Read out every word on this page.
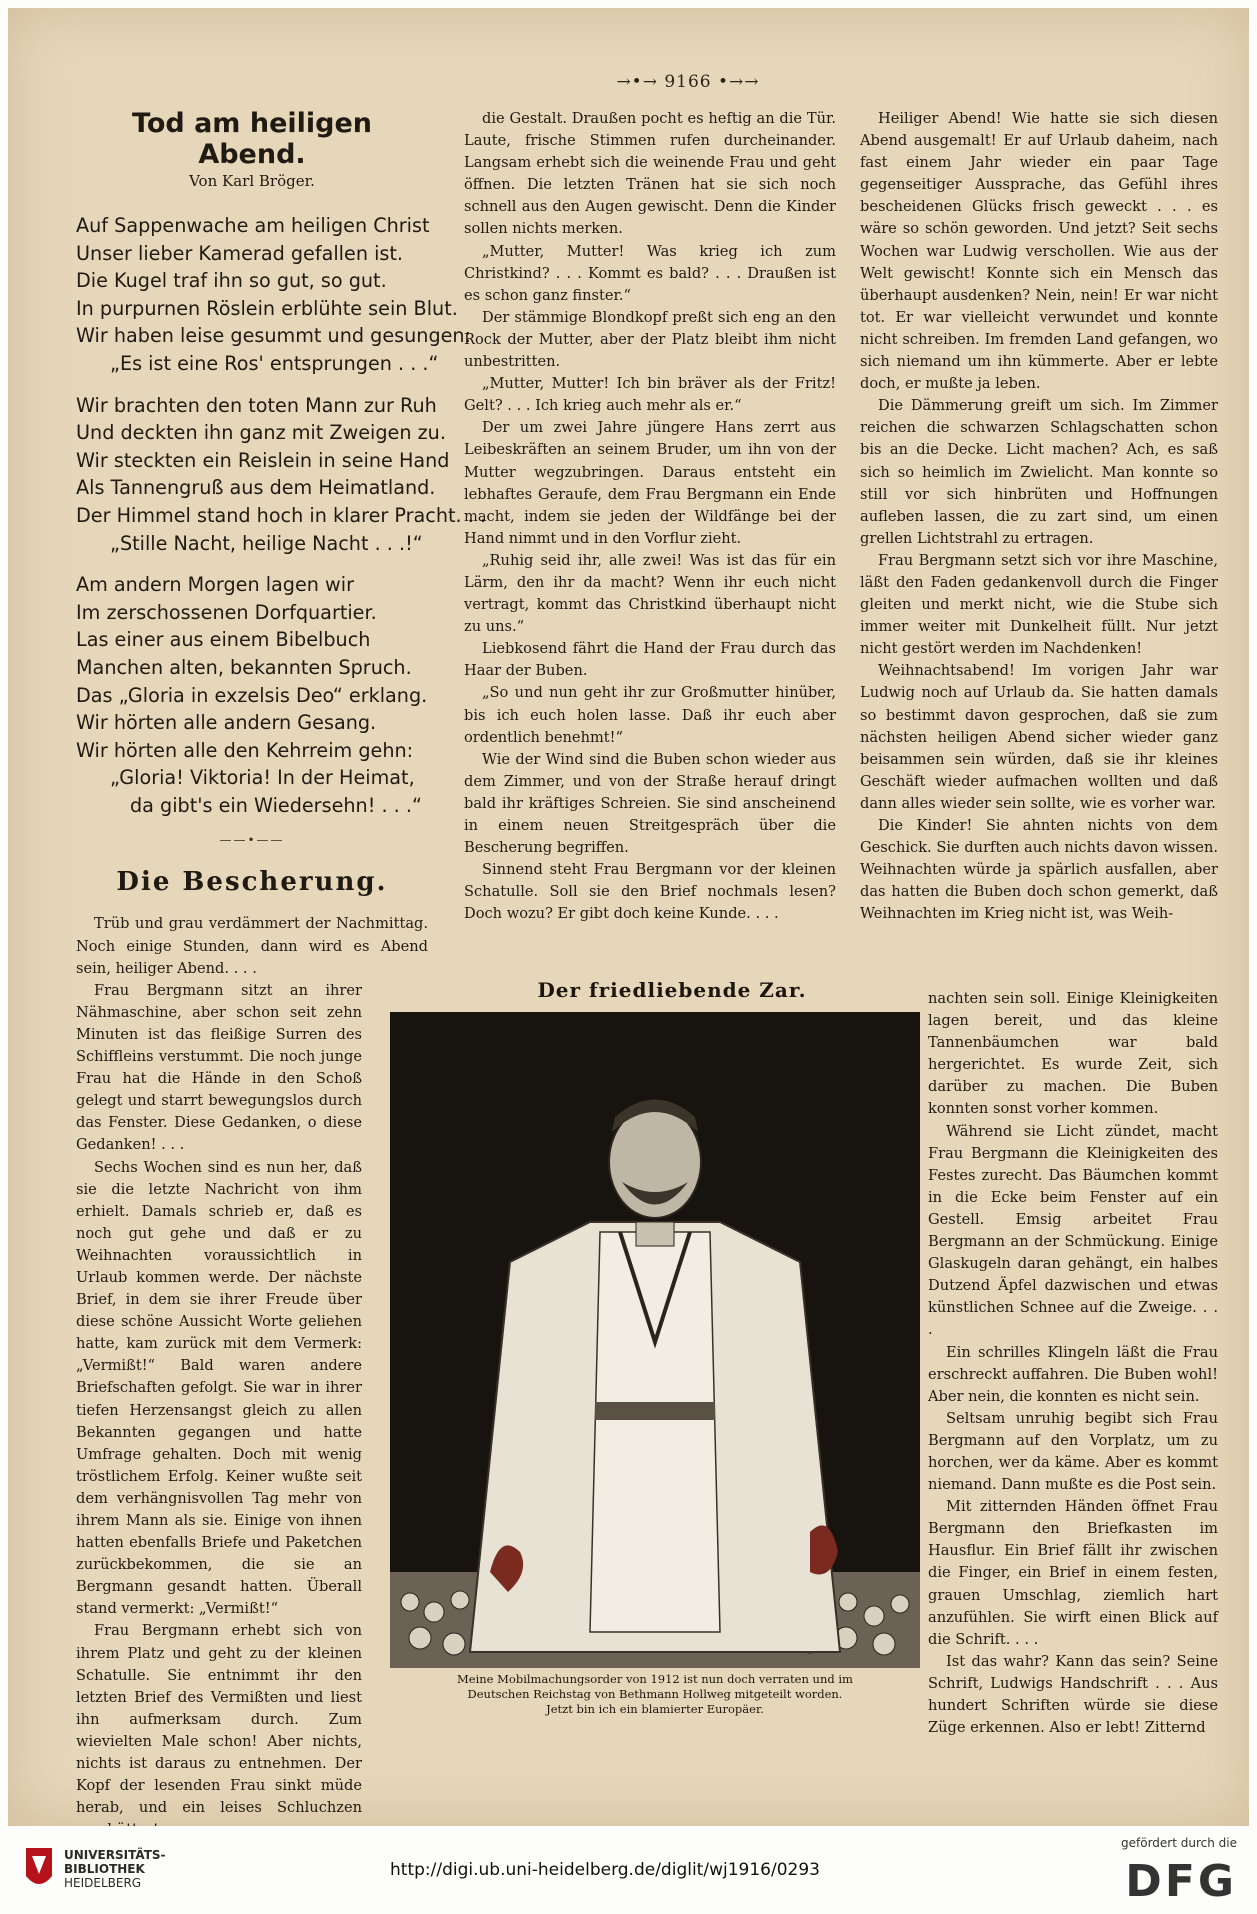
→•→ 9166 •→→
Tod am heiligen Abend.
Von Karl Bröger.
Auf Sappenwache am heiligen Christ
Unser lieber Kamerad gefallen ist.
Die Kugel traf ihn so gut, so gut.
In purpurnen Röslein erblühte sein Blut.
Wir haben leise gesummt und gesungen:
„Es ist eine Ros' entsprungen . . .“
Wir brachten den toten Mann zur Ruh
Und deckten ihn ganz mit Zweigen zu.
Wir steckten ein Reislein in seine Hand
Als Tannengruß aus dem Heimatland.
Der Himmel stand hoch in klarer Pracht. . .
„Stille Nacht, heilige Nacht . . .!“
Am andern Morgen lagen wir
Im zerschossenen Dorfquartier.
Las einer aus einem Bibelbuch
Manchen alten, bekannten Spruch.
Das „Gloria in exzelsis Deo“ erklang.
Wir hörten alle andern Gesang.
Wir hörten alle den Kehrreim gehn:
„Gloria! Viktoria! In der Heimat,
da gibt's ein Wiedersehn! . . .“
——•——
Die Bescherung.

Trüb und grau verdämmert der Nachmittag. Noch einige Stunden, dann wird es Abend sein, heiliger Abend. . . .

Frau Bergmann sitzt an ihrer Nähmaschine, aber schon seit zehn Minuten ist das fleißige Surren des Schiffleins verstummt. Die noch junge Frau hat die Hände in den Schoß gelegt und starrt bewegungslos durch das Fenster. Diese Gedanken, o diese Gedanken! . . .

Sechs Wochen sind es nun her, daß sie die letzte Nachricht von ihm erhielt. Damals schrieb er, daß es noch gut gehe und daß er zu Weihnachten voraussichtlich in Urlaub kommen werde. Der nächste Brief, in dem sie ihrer Freude über diese schöne Aussicht Worte geliehen hatte, kam zurück mit dem Vermerk: „Vermißt!“ Bald waren andere Briefschaften gefolgt. Sie war in ihrer tiefen Herzensangst gleich zu allen Bekannten gegangen und hatte Umfrage gehalten. Doch mit wenig tröstlichem Erfolg. Keiner wußte seit dem verhängnisvollen Tag mehr von ihrem Mann als sie. Einige von ihnen hatten ebenfalls Briefe und Paketchen zurückbekommen, die sie an Bergmann gesandt hatten. Überall stand vermerkt: „Vermißt!“

Frau Bergmann erhebt sich von ihrem Platz und geht zu der kleinen Schatulle. Sie entnimmt ihr den letzten Brief des Vermißten und liest ihn aufmerksam durch. Zum wievielten Male schon! Aber nichts, nichts ist daraus zu entnehmen. Der Kopf der lesenden Frau sinkt müde herab, und ein leises Schluchzen

die Gestalt. Draußen pocht es heftig an die Tür. Laute, frische Stimmen rufen durcheinander. Langsam erhebt sich die weinende Frau und geht öffnen. Die letzten Tränen hat sie sich noch schnell aus den Augen gewischt. Denn die Kinder sollen nichts merken.

„Mutter, Mutter! Was krieg ich zum Christkind? . . . Kommt es bald? . . . Draußen ist es schon ganz finster.“

Der stämmige Blondkopf preßt sich eng an den Rock der Mutter, aber der Platz bleibt ihm nicht unbestritten.

„Mutter, Mutter! Ich bin bräver als der Fritz! Gelt? . . . Ich krieg auch mehr als er.“

Der um zwei Jahre jüngere Hans zerrt aus Leibeskräften an seinem Bruder, um ihn von der Mutter wegzubringen. Daraus entsteht ein lebhaftes Geraufe, dem Frau Bergmann ein Ende macht, indem sie jeden der Wildfänge bei der Hand nimmt und in den Vorflur zieht.

„Ruhig seid ihr, alle zwei! Was ist das für ein Lärm, den ihr da macht? Wenn ihr euch nicht vertragt, kommt das Christkind überhaupt nicht zu uns.“

Liebkosend fährt die Hand der Frau durch das Haar der Buben.

„So und nun geht ihr zur Großmutter hinüber, bis ich euch holen lasse. Daß ihr euch aber ordentlich benehmt!“

Wie der Wind sind die Buben schon wieder aus dem Zimmer, und von der Straße herauf dringt bald ihr kräftiges Schreien. Sie sind anscheinend in einem neuen Streitgespräch über die Bescherung begriffen.

Sinnend steht Frau Bergmann vor der kleinen Schatulle. Soll sie den Brief nochmals lesen? Doch wozu? Er gibt doch keine Kunde. . . .

Heiliger Abend! Wie hatte sie sich diesen Abend ausgemalt! Er auf Urlaub daheim, nach fast einem Jahr wieder ein paar Tage gegenseitiger Aussprache, das Gefühl ihres bescheidenen Glücks frisch geweckt . . . es wäre so schön geworden. Und jetzt? Seit sechs Wochen war Ludwig verschollen. Wie aus der Welt gewischt! Konnte sich ein Mensch das überhaupt ausdenken? Nein, nein! Er war nicht tot. Er war vielleicht verwundet und konnte nicht schreiben. Im fremden Land gefangen, wo sich niemand um ihn kümmerte. Aber er lebte doch, er mußte ja leben.

Die Dämmerung greift um sich. Im Zimmer reichen die schwarzen Schlagschatten schon bis an die Decke. Licht machen? Ach, es saß sich so heimlich im Zwielicht. Man konnte so still vor sich hinbrüten und Hoffnungen aufleben lassen, die zu zart sind, um einen grellen Lichtstrahl zu ertragen.

Frau Bergmann setzt sich vor ihre Maschine, läßt den Faden gedankenvoll durch die Finger gleiten und merkt nicht, wie die Stube sich immer weiter mit Dunkelheit füllt. Nur jetzt nicht gestört werden im Nachdenken!

Weihnachtsabend! Im vorigen Jahr war Ludwig noch auf Urlaub da. Sie hatten damals so bestimmt davon gesprochen, daß sie zum nächsten heiligen Abend sicher wieder ganz beisammen sein würden, daß sie ihr kleines Geschäft wieder aufmachen wollten und daß dann alles wieder sein sollte, wie es vorher war.

Die Kinder! Sie ahnten nichts von dem Geschick. Sie durften auch nichts davon wissen. Weihnachten würde ja spärlich ausfallen, aber das hatten die Buben doch schon gemerkt, daß Weihnachten im Krieg nicht ist, was Weih-

nachten sein soll. Einige Kleinigkeiten lagen bereit, und das kleine Tannenbäumchen war bald hergerichtet. Es wurde Zeit, sich darüber zu machen. Die Buben konnten sonst vorher kommen.

Während sie Licht zündet, macht Frau Bergmann die Kleinigkeiten des Festes zurecht. Das Bäumchen kommt in die Ecke beim Fenster auf ein Gestell. Emsig arbeitet Frau Bergmann an der Schmückung. Einige Glaskugeln daran gehängt, ein halbes Dutzend Äpfel dazwischen und etwas künstlichen Schnee auf die Zweige. . . .

Ein schrilles Klingeln läßt die Frau erschreckt auffahren. Die Buben wohl! Aber nein, die konnten es nicht sein.

Seltsam unruhig begibt sich Frau Bergmann auf den Vorplatz, um zu horchen, wer da käme. Aber es kommt niemand. Dann mußte es die Post sein.

Mit zitternden Händen öffnet Frau Bergmann den Briefkasten im Hausflur. Ein Brief fällt ihr zwischen die Finger, ein Brief in einem festen, grauen Umschlag, ziemlich hart anzufühlen. Sie wirft einen Blick auf die Schrift. . . .

Ist das wahr? Kann das sein? Seine Schrift, Ludwigs Handschrift . . . Aus hundert Schriften würde sie diese Züge erkennen. Also er lebt! Zitternd

Der friedliebende Zar.
Meine Mobilmachungsorder von 1912 ist nun doch verraten und im
Deutschen Reichstag von Bethmann Hollweg mitgeteilt worden.
Jetzt bin ich ein blamierter Europäer.
UNIVERSITÄTS-
BIBLIOTHEK
HEIDELBERG
http://digi.ub.uni-heidelberg.de/diglit/wj1916/0293
gefördert durch die
DFG
